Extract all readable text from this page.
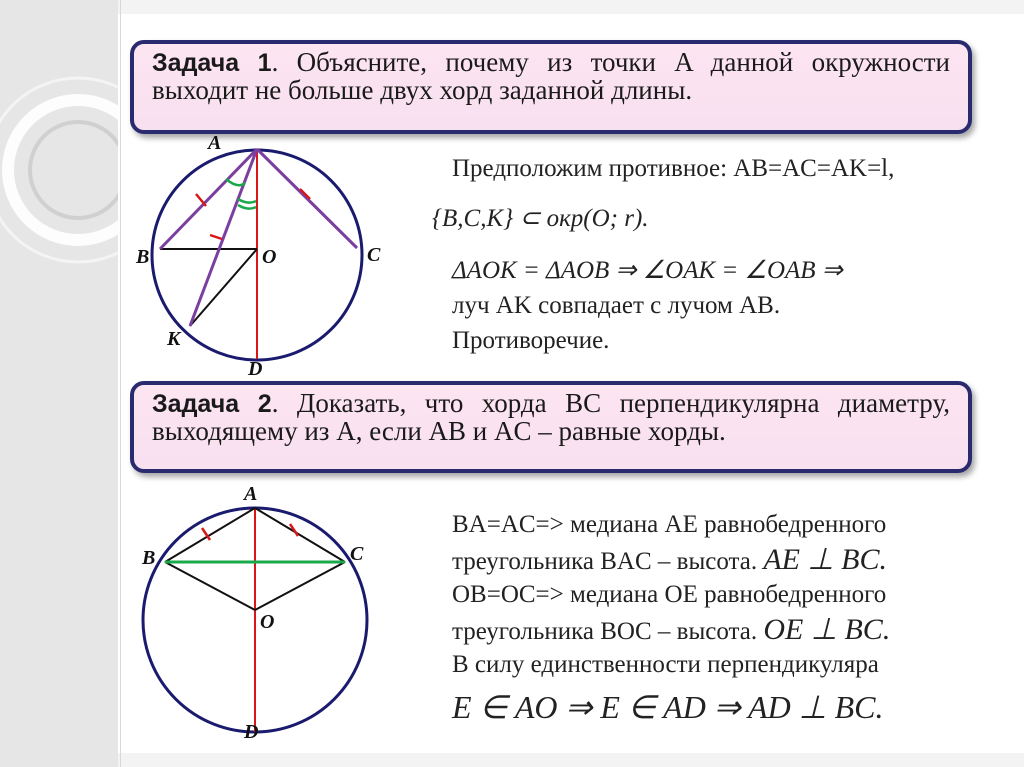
Задача 1. Объясните, почему из точки A данной окружности выходит не больше двух хорд заданной длины.
A
B	C
O
K
D
Предположим противное: AB=AC=AK=l,
{B,C,K} ⊂ окр(O; r).
ΔAOK = ΔAOB ⇒ ∠OAK = ∠OAB ⇒
луч AK совпадает с лучом AB.
Противоречие.
Задача 2. Доказать, что хорда BC перпендикулярна диаметру, выходящему из A, если AB и AC – равные хорды.
A
B	C
O
D
BA=AC=> медиана AE равнобедренного
треугольника BAC – высота. AE ⊥ BC.
OB=OC=> медиана OE равнобедренного
треугольника BOC – высота. OE ⊥ BC.
В силу единственности перпендикуляра
E ∈ AO ⇒ E ∈ AD ⇒ AD ⊥ BC.
